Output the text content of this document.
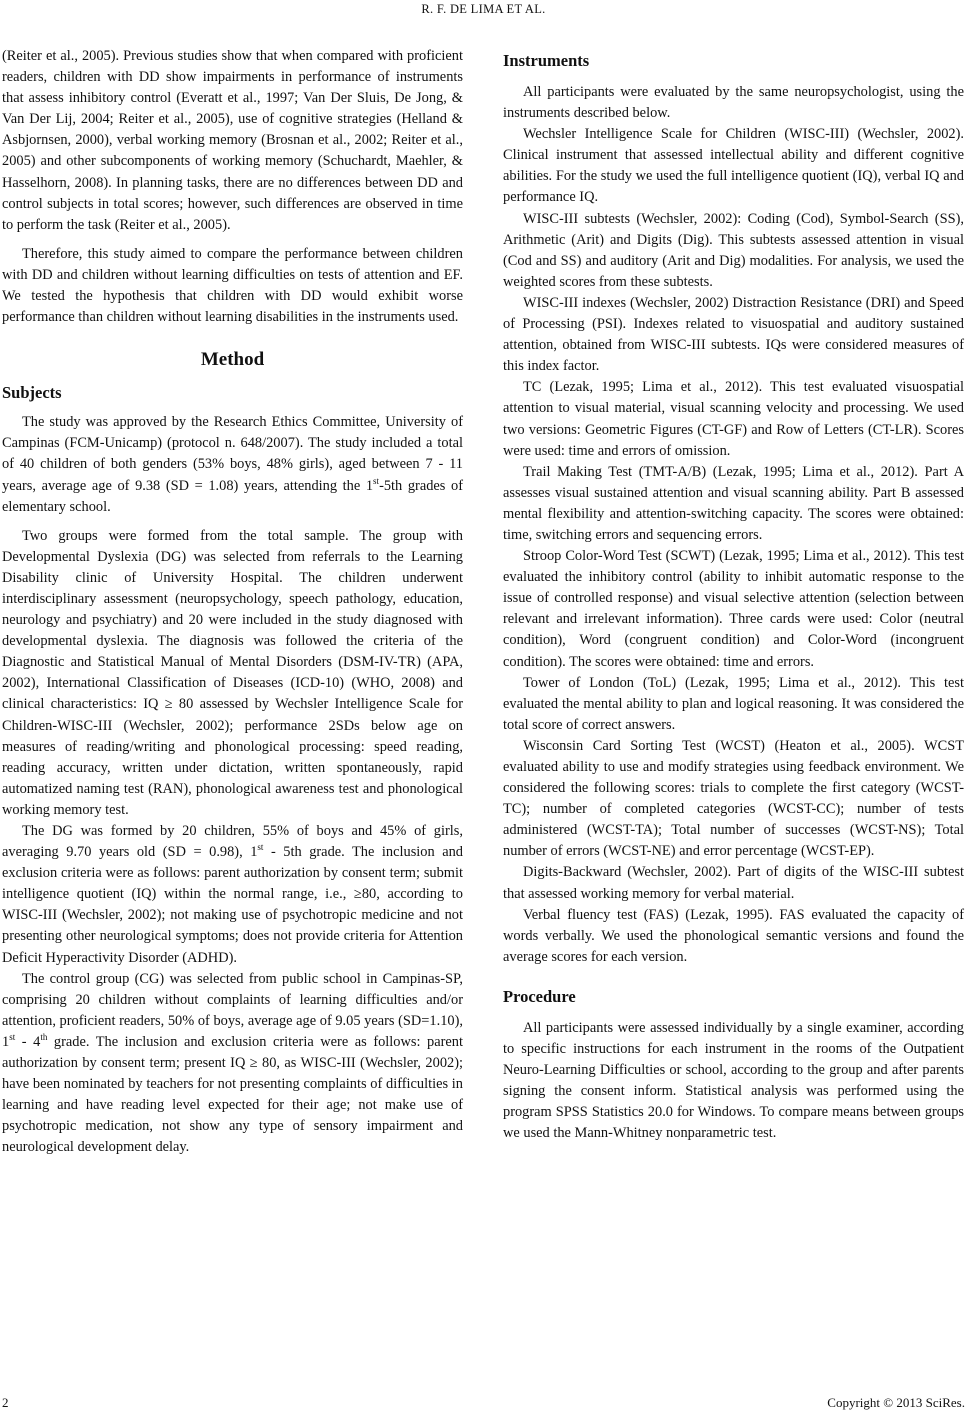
R. F. DE LIMA ET AL.

(Reiter et al., 2005). Previous studies show that when compared with proficient readers, children with DD show impairments in performance of instruments that assess inhibitory control (Everatt et al., 1997; Van Der Sluis, De Jong, & Van Der Lij, 2004; Reiter et al., 2005), use of cognitive strategies (Helland & Asbjornsen, 2000), verbal working memory (Brosnan et al., 2002; Reiter et al., 2005) and other subcomponents of working memory (Schuchardt, Maehler, & Hasselhorn, 2008). In planning tasks, there are no differences between DD and control subjects in total scores; however, such differences are observed in time to perform the task (Reiter et al., 2005).

Therefore, this study aimed to compare the performance between children with DD and children without learning difficulties on tests of attention and EF. We tested the hypothesis that children with DD would exhibit worse performance than children without learning disabilities in the instruments used.

Method
Subjects

The study was approved by the Research Ethics Committee, University of Campinas (FCM-Unicamp) (protocol n. 648/2007). The study included a total of 40 children of both genders (53% boys, 48% girls), aged between 7 - 11 years, average age of 9.38 (SD = 1.08) years, attending the 1st-5th grades of elementary school.

Two groups were formed from the total sample. The group with Developmental Dyslexia (DG) was selected from referrals to the Learning Disability clinic of University Hospital. The children underwent interdisciplinary assessment (neuropsychology, speech pathology, education, neurology and psychiatry) and 20 were included in the study diagnosed with developmental dyslexia. The diagnosis was followed the criteria of the Diagnostic and Statistical Manual of Mental Disorders (DSM-IV-TR) (APA, 2002), International Classification of Diseases (ICD-10) (WHO, 2008) and clinical characteristics: IQ ≥ 80 assessed by Wechsler Intelligence Scale for Children-WISC-III (Wechsler, 2002); performance 2SDs below age on measures of reading/writing and phonological processing: speed reading, reading accuracy, written under dictation, written spontaneously, rapid automatized naming test (RAN), phonological awareness test and phonological working memory test.

The DG was formed by 20 children, 55% of boys and 45% of girls, averaging 9.70 years old (SD = 0.98), 1st - 5th grade. The inclusion and exclusion criteria were as follows: parent authorization by consent term; submit intelligence quotient (IQ) within the normal range, i.e., ≥80, according to WISC-III (Wechsler, 2002); not making use of psychotropic medicine and not presenting other neurological symptoms; does not provide criteria for Attention Deficit Hyperactivity Disorder (ADHD).

The control group (CG) was selected from public school in Campinas-SP, comprising 20 children without complaints of learning difficulties and/or attention, proficient readers, 50% of boys, average age of 9.05 years (SD=1.10), 1st - 4th grade. The inclusion and exclusion criteria were as follows: parent authorization by consent term; present IQ ≥ 80, as WISC-III (Wechsler, 2002); have been nominated by teachers for not presenting complaints of difficulties in learning and have reading level expected for their age; not make use of psychotropic medication, not show any type of sensory impairment and neurological development delay.

Instruments

All participants were evaluated by the same neuropsychologist, using the instruments described below.

Wechsler Intelligence Scale for Children (WISC-III) (Wechsler, 2002). Clinical instrument that assessed intellectual ability and different cognitive abilities. For the study we used the full intelligence quotient (IQ), verbal IQ and performance IQ.

WISC-III subtests (Wechsler, 2002): Coding (Cod), Symbol-Search (SS), Arithmetic (Arit) and Digits (Dig). This subtests assessed attention in visual (Cod and SS) and auditory (Arit and Dig) modalities. For analysis, we used the weighted scores from these subtests.

WISC-III indexes (Wechsler, 2002) Distraction Resistance (DRI) and Speed of Processing (PSI). Indexes related to visuospatial and auditory sustained attention, obtained from WISC-III subtests. IQs were considered measures of this index factor.

TC (Lezak, 1995; Lima et al., 2012). This test evaluated visuospatial attention to visual material, visual scanning velocity and processing. We used two versions: Geometric Figures (CT-GF) and Row of Letters (CT-LR). Scores were used: time and errors of omission.

Trail Making Test (TMT-A/B) (Lezak, 1995; Lima et al., 2012). Part A assesses visual sustained attention and visual scanning ability. Part B assessed mental flexibility and attention-switching capacity. The scores were obtained: time, switching errors and sequencing errors.

Stroop Color-Word Test (SCWT) (Lezak, 1995; Lima et al., 2012). This test evaluated the inhibitory control (ability to inhibit automatic response to the issue of controlled response) and visual selective attention (selection between relevant and irrelevant information). Three cards were used: Color (neutral condition), Word (congruent condition) and Color-Word (incongruent condition). The scores were obtained: time and errors.

Tower of London (ToL) (Lezak, 1995; Lima et al., 2012). This test evaluated the mental ability to plan and logical reasoning. It was considered the total score of correct answers.

Wisconsin Card Sorting Test (WCST) (Heaton et al., 2005). WCST evaluated ability to use and modify strategies using feedback environment. We considered the following scores: trials to complete the first category (WCST-TC); number of completed categories (WCST-CC); number of tests administered (WCST-TA); Total number of successes (WCST-NS); Total number of errors (WCST-NE) and error percentage (WCST-EP).

Digits-Backward (Wechsler, 2002). Part of digits of the WISC-III subtest that assessed working memory for verbal material.

Verbal fluency test (FAS) (Lezak, 1995). FAS evaluated the capacity of words verbally. We used the phonological semantic versions and found the average scores for each version.

Procedure

All participants were assessed individually by a single examiner, according to specific instructions for each instrument in the rooms of the Outpatient Neuro-Learning Difficulties or school, according to the group and after parents signing the consent inform. Statistical analysis was performed using the program SPSS Statistics 20.0 for Windows. To compare means between groups we used the Mann-Whitney nonparametric test.

2	Copyright © 2013 SciRes.
